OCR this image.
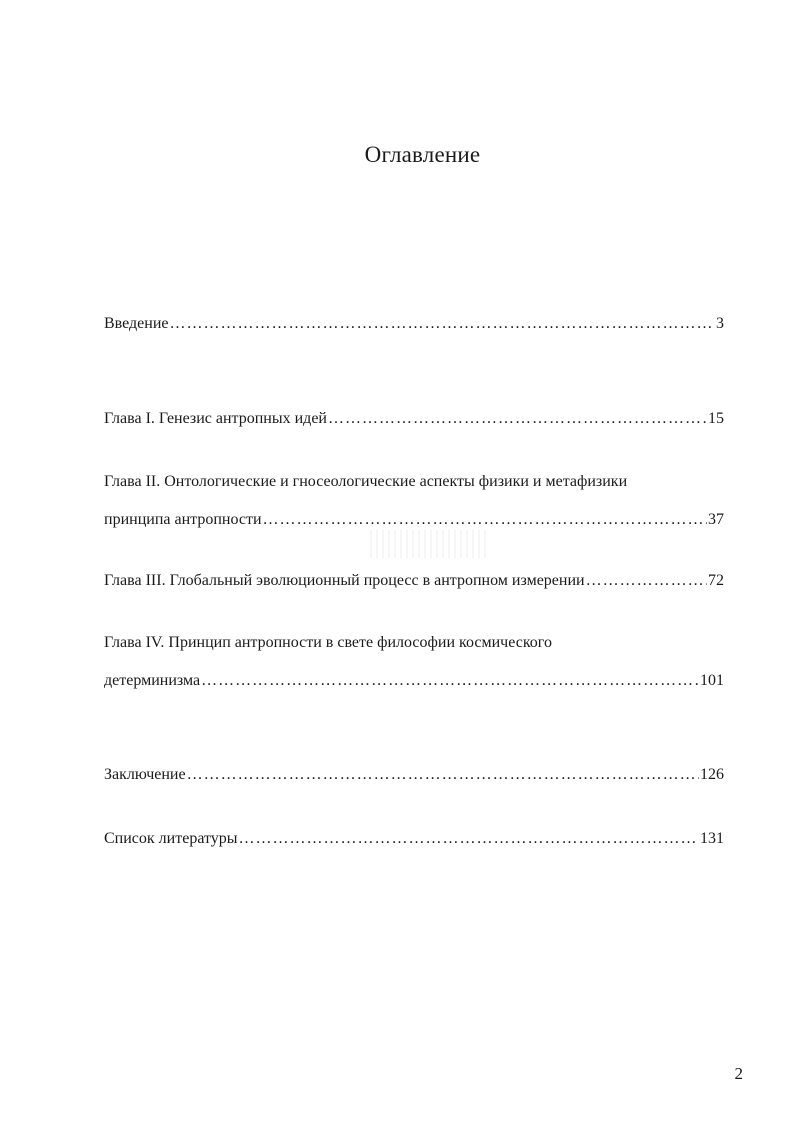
Оглавление
Введение ……………………………………………………………………………………………………………………………………………………………………	3
Глава I. Генезис антропных идей ……………………………………………………………………………………………………………………………………………………………………	15
Глава II. Онтологические и гносеологические аспекты физики и метафизики
принципа антропности ……………………………………………………………………………………………………………………………………………………………………	37
Глава III. Глобальный эволюционный процесс в антропном измерении ……………………………………………………………………………………………………………………………………………………………………	72
Глава IV. Принцип антропности в свете философии космического
детерминизма ……………………………………………………………………………………………………………………………………………………………………	101
Заключение ……………………………………………………………………………………………………………………………………………………………………	126
Список литературы ……………………………………………………………………………………………………………………………………………………………………	131
2
